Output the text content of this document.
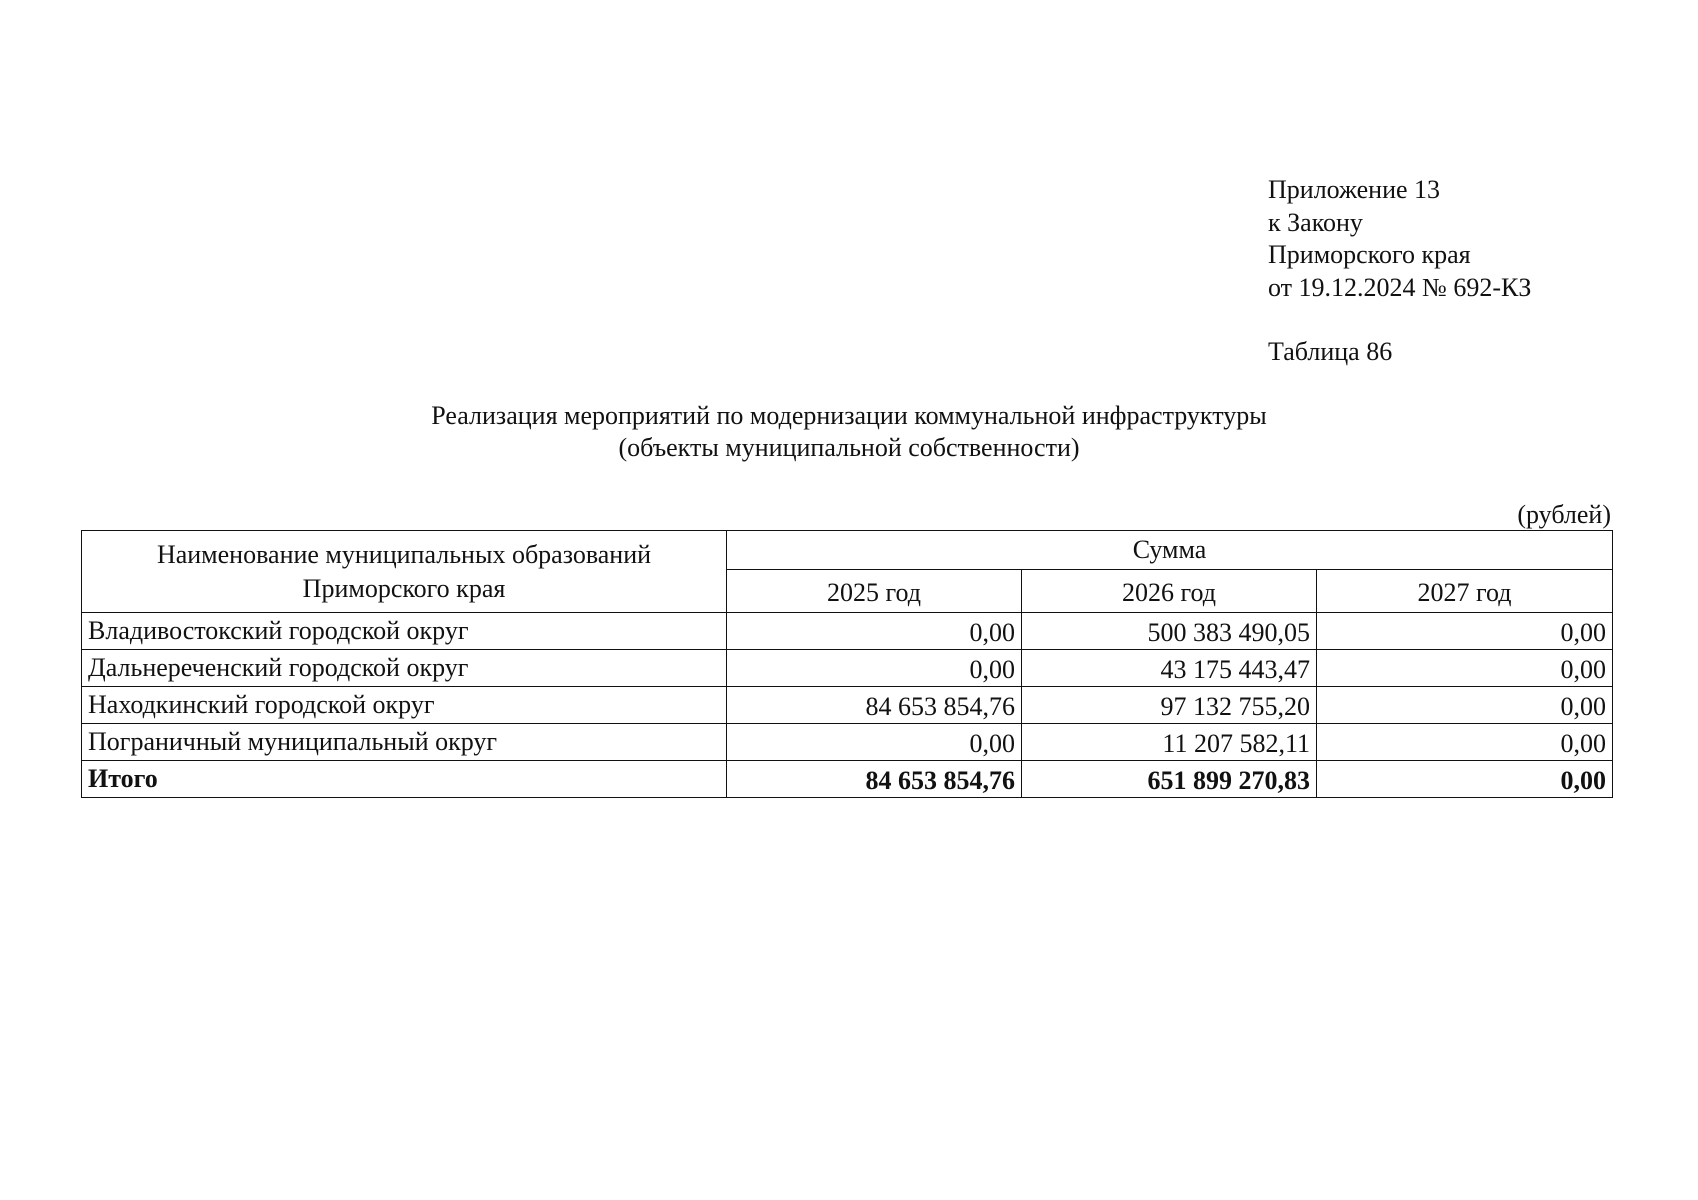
Приложение 13
к Закону
Приморского края
от 19.12.2024 № 692-КЗ
Таблица 86
Реализация мероприятий по модернизации коммунальной инфраструктуры
(объекты муниципальной собственности)
(рублей)
Наименование муниципальных образований
Приморского края	Сумма		
	2025 год	2026 год	2027 год
Владивостокский городской округ	0,00	500 383 490,05	0,00
Дальнереченский городской округ	0,00	43 175 443,47	0,00
Находкинский городской округ	84 653 854,76	97 132 755,20	0,00
Пограничный муниципальный округ	0,00	11 207 582,11	0,00
Итого	84 653 854,76	651 899 270,83	0,00
